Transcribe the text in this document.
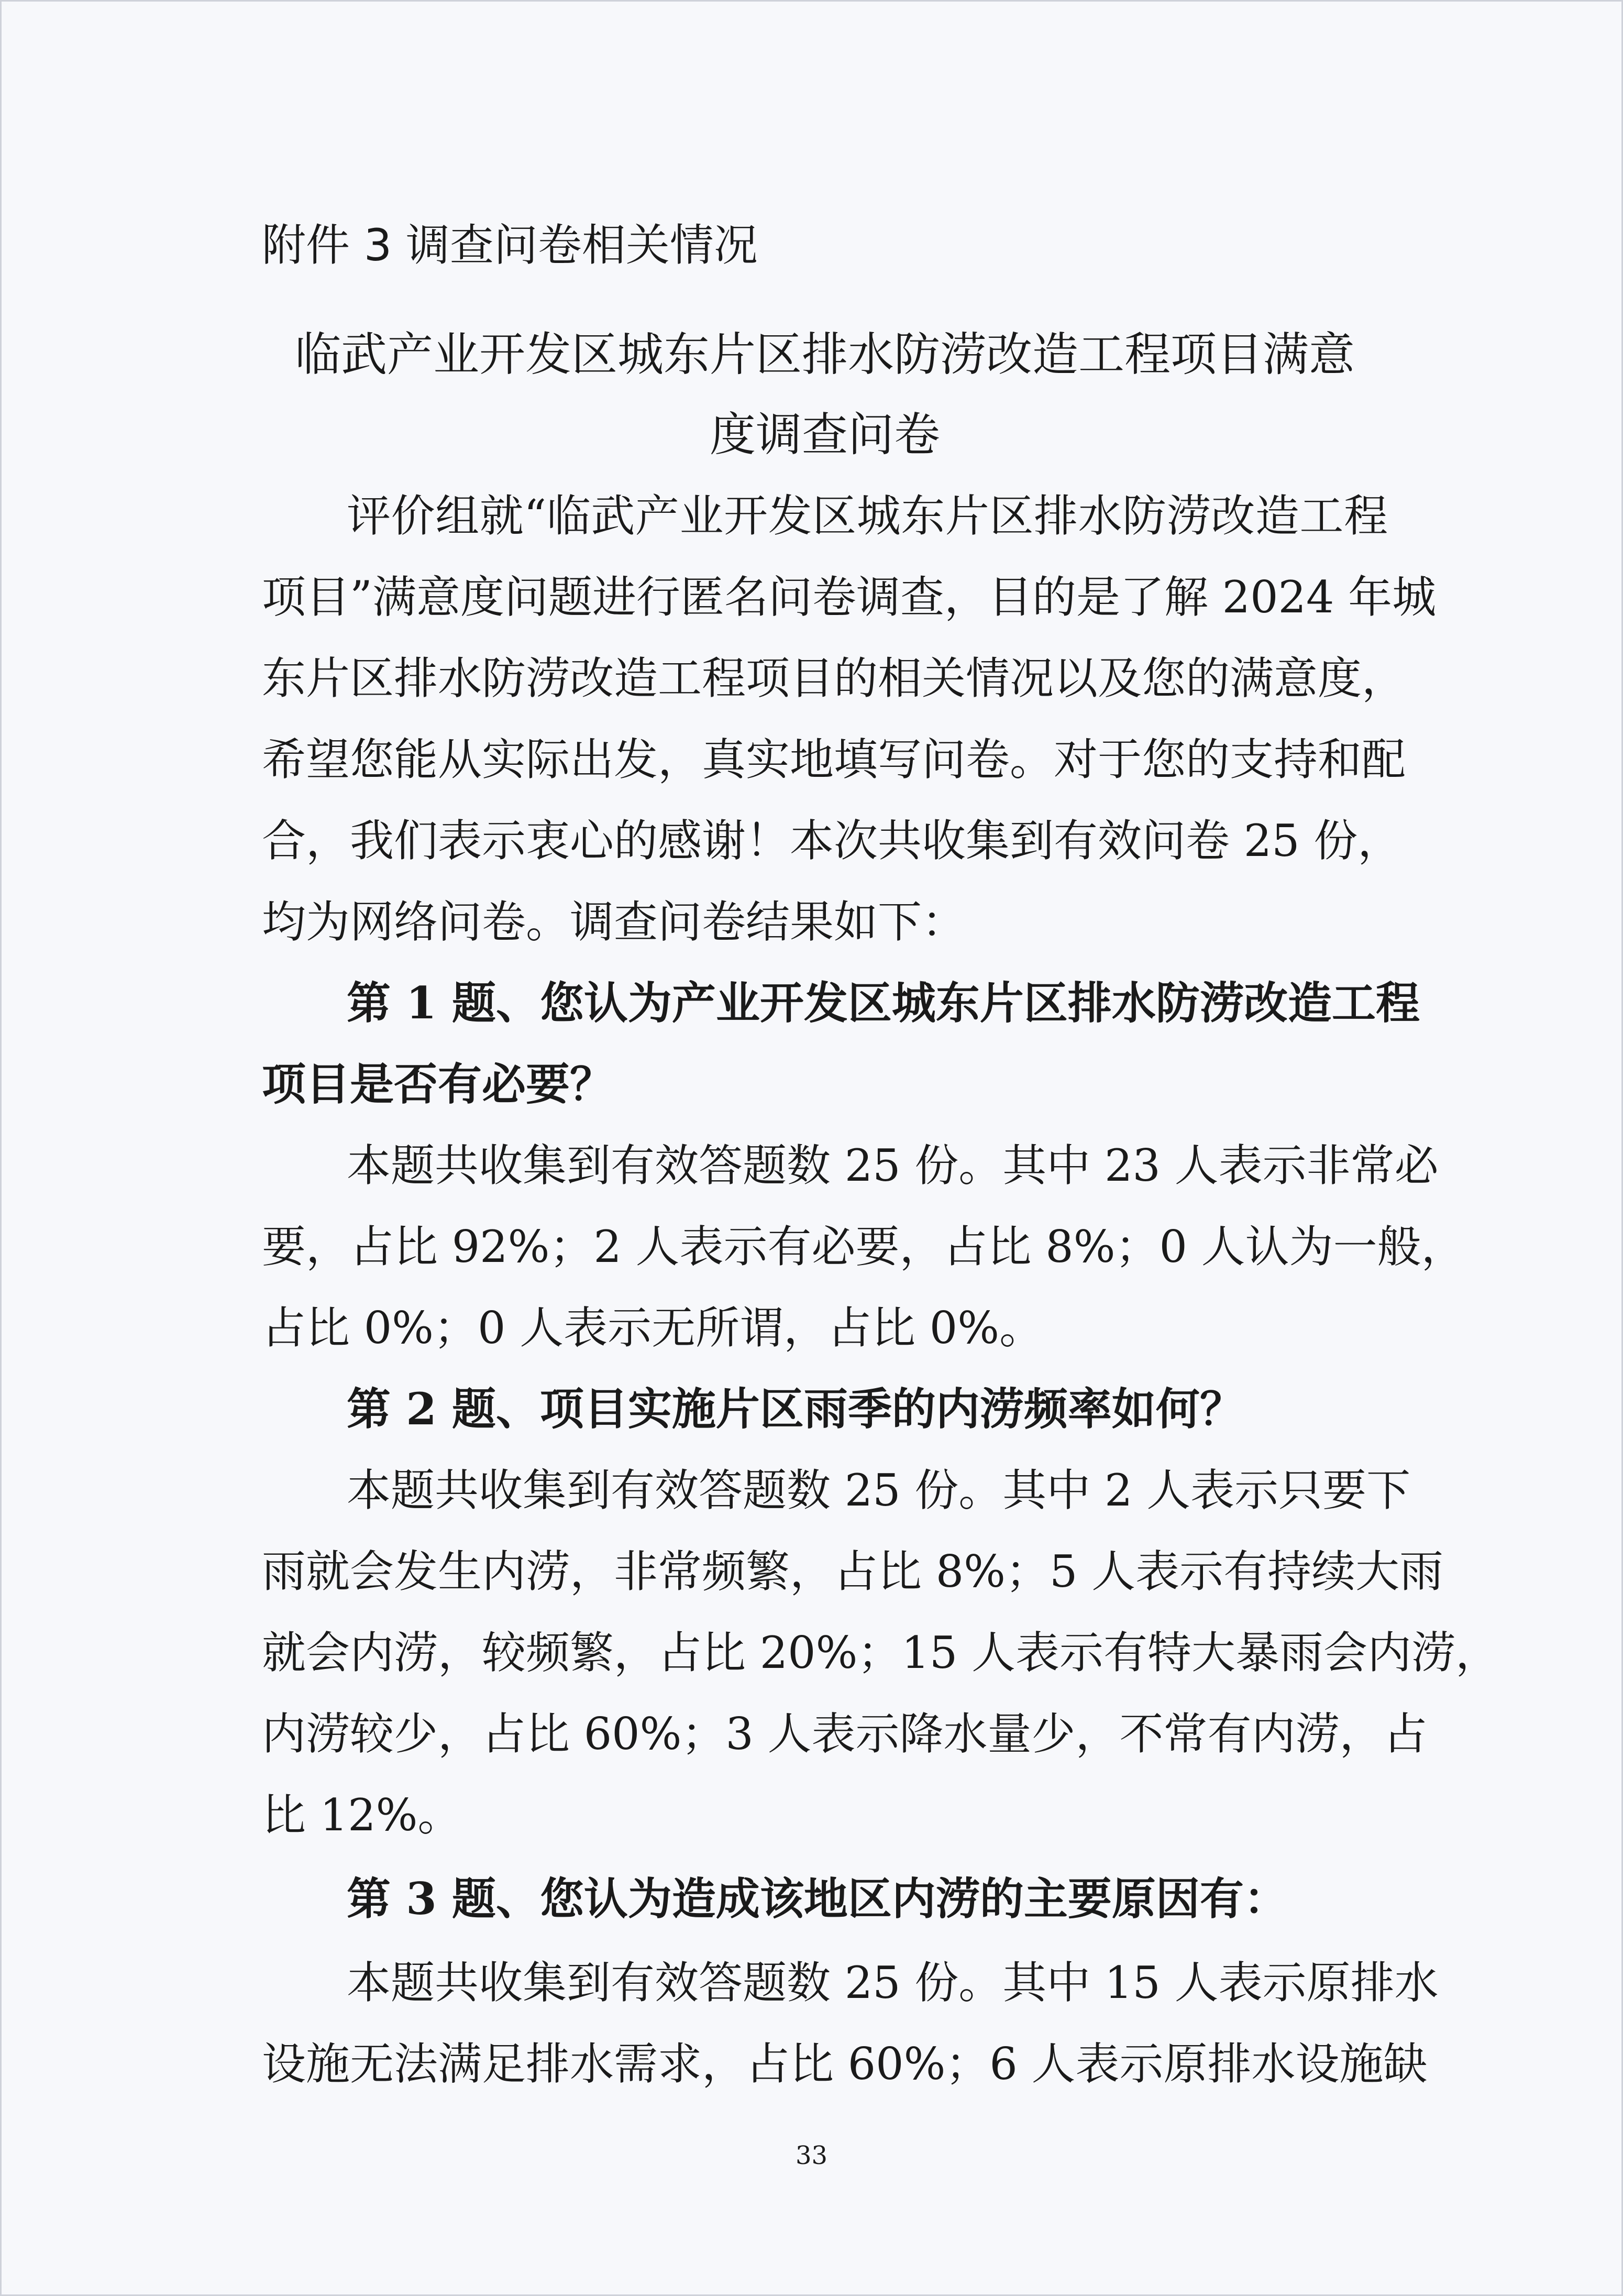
附件 3 调查问卷相关情况
临武产业开发区城东片区排水防涝改造工程项目满意
度调查问卷
评价组就“临武产业开发区城东片区排水防涝改造工程
项目”满意度问题进行匿名问卷调查，目的是了解 2024 年城
东片区排水防涝改造工程项目的相关情况以及您的满意度，
希望您能从实际出发，真实地填写问卷。对于您的支持和配
合，我们表示衷心的感谢！本次共收集到有效问卷 25 份，
均为网络问卷。调查问卷结果如下：
第 1 题、您认为产业开发区城东片区排水防涝改造工程
项目是否有必要？
本题共收集到有效答题数 25 份。其中 23 人表示非常必
要，占比 92%；2 人表示有必要，占比 8%；0 人认为一般，
占比 0%；0 人表示无所谓，占比 0%。
第 2 题、项目实施片区雨季的内涝频率如何？
本题共收集到有效答题数 25 份。其中 2 人表示只要下
雨就会发生内涝，非常频繁，占比 8%；5 人表示有持续大雨
就会内涝，较频繁，占比 20%；15 人表示有特大暴雨会内涝，
内涝较少，占比 60%；3 人表示降水量少，不常有内涝，占
比 12%。
第 3 题、您认为造成该地区内涝的主要原因有：
本题共收集到有效答题数 25 份。其中 15 人表示原排水
设施无法满足排水需求，占比 60%；6 人表示原排水设施缺
33
